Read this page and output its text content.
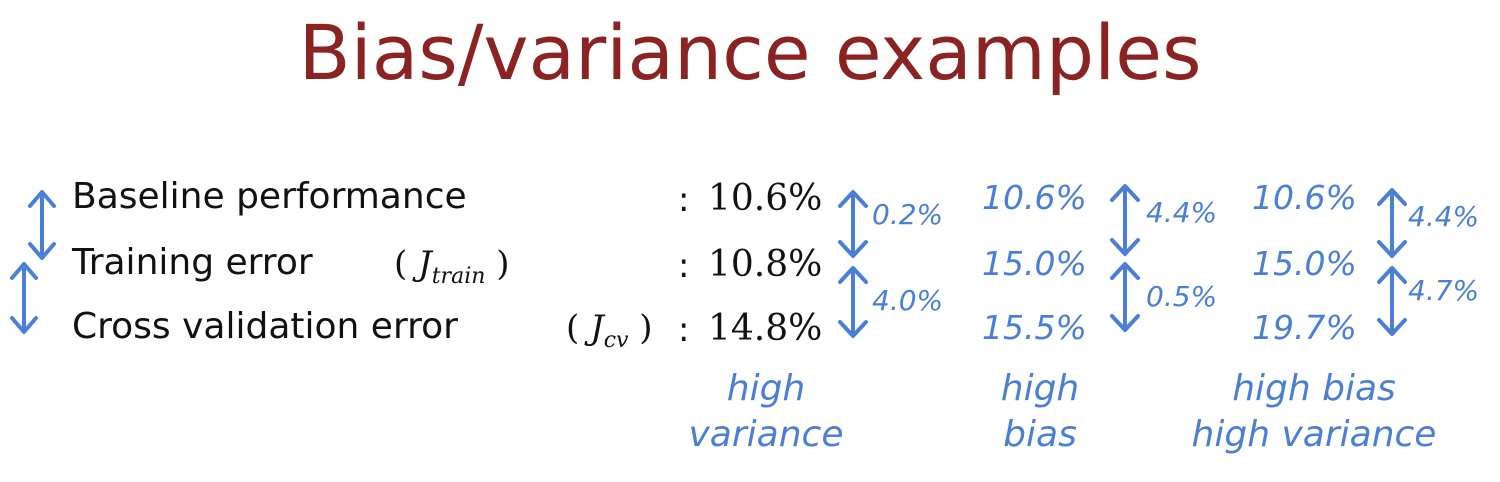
Bias/variance examples
Baseline performance
Training error
Cross validation error
( $J_{train}$ )
( $J_{cv}$ )
:
:
:
10.6%
10.8%
14.8%
0.2%
4.0%
high
variance
10.6%
15.0%
15.5%
4.4%
0.5%
high
bias
10.6%
15.0%
19.7%
4.4%
4.7%
high bias
high variance
